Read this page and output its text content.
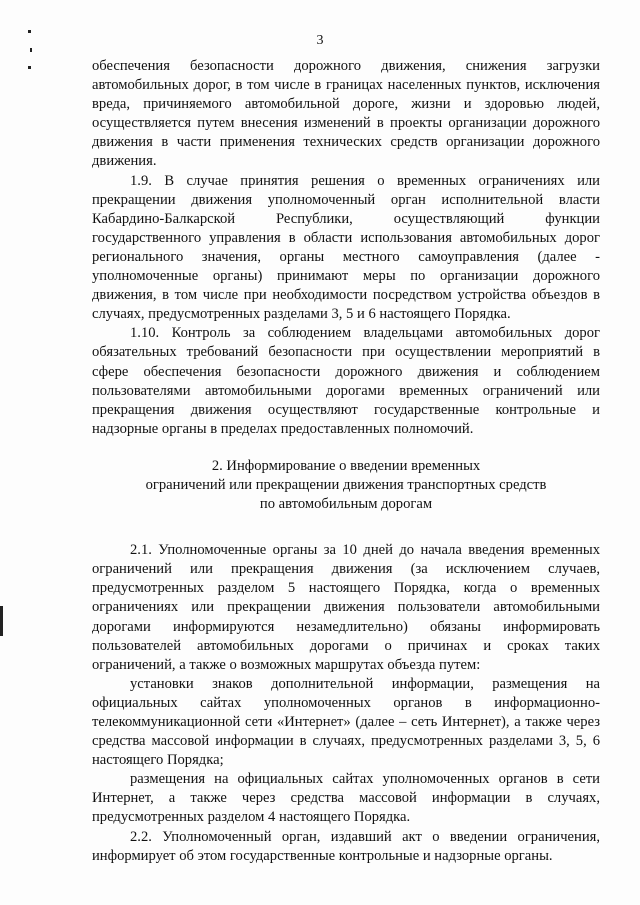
3

обеспечения безопасности дорожного движения, снижения загрузки автомобильных дорог, в том числе в границах населенных пунктов, исключения вреда, причиняемого автомобильной дороге, жизни и здоровью людей, осуществляется путем внесения изменений в проекты организации дорожного движения в части применения технических средств организации дорожного движения.

1.9. В случае принятия решения о временных ограничениях или прекращении движения уполномоченный орган исполнительной власти Кабардино-Балкарской Республики, осуществляющий функции государственного управления в области использования автомобильных дорог регионального значения, органы местного самоуправления (далее - уполномоченные органы) принимают меры по организации дорожного движения, в том числе при необходимости посредством устройства объездов в случаях, предусмотренных разделами 3, 5 и 6 настоящего Порядка.

1.10. Контроль за соблюдением владельцами автомобильных дорог обязательных требований безопасности при осуществлении мероприятий в сфере обеспечения безопасности дорожного движения и соблюдением пользователями автомобильными дорогами временных ограничений или прекращения движения осуществляют государственные контрольные и надзорные органы в пределах предоставленных полномочий.

2. Информирование о введении временных
ограничений или прекращении движения транспортных средств
по автомобильным дорогам

2.1. Уполномоченные органы за 10 дней до начала введения временных ограничений или прекращения движения (за исключением случаев, предусмотренных разделом 5 настоящего Порядка, когда о временных ограничениях или прекращении движения пользователи автомобильными дорогами информируются незамедлительно) обязаны информировать пользователей автомобильных дорогами о причинах и сроках таких ограничений, а также о возможных маршрутах объезда путем:

установки знаков дополнительной информации, размещения на официальных сайтах уполномоченных органов в информационно-телекоммуникационной сети «Интернет» (далее – сеть Интернет), а также через средства массовой информации в случаях, предусмотренных разделами 3, 5, 6 настоящего Порядка;

размещения на официальных сайтах уполномоченных органов в сети Интернет, а также через средства массовой информации в случаях, предусмотренных разделом 4 настоящего Порядка.

2.2. Уполномоченный орган, издавший акт о введении ограничения, информирует об этом государственные контрольные и надзорные органы.
